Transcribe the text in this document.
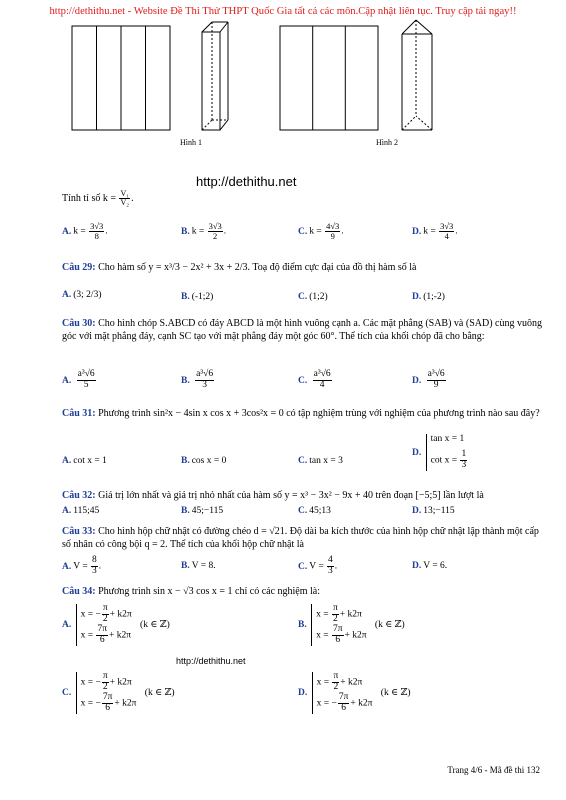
http://dethithu.net - Website Đề Thi Thử THPT Quốc Gia tất cả các môn.Cập nhật liên tục. Truy cập tải ngay!!
Hình 1	Hình 2
http://dethithu.net
Tính tỉ số $k = \frac{\text{V₁}}{\text{V₂}}$ .
A. $k = \frac{3√3}{8}$ .	B. $k = \frac{3√3}{2}$ .	C. $k = \frac{4√3}{9}$ .	D. $k = \frac{3√3}{4}$ .
Câu 29: Cho hàm số y = x³/3 − 2x² + 3x + 2/3. Toạ độ điểm cực đại của đồ thị hàm số là
A. (3; 2/3)	B. (-1;2)	C. (1;2)	D. (1;-2)
Câu 30: Cho hình chóp S.ABCD có đáy ABCD là một hình vuông cạnh a. Các mặt phẳng (SAB) và (SAD) cùng vuông góc với mặt phẳng đáy, cạnh SC tạo với mặt phẳng đáy một góc 60°. Thể tích của khối chóp đã cho bằng:
A. $\frac{\text{a³√6}}{5}$	B. $\frac{\text{a³√6}}{3}$	C. $\frac{\text{a³√6}}{4}$	D. $\frac{\text{a³√6}}{9}$
Câu 31: Phương trình sin²x − 4sin x cos x + 3cos²x = 0 có tập nghiệm trùng với nghiệm của phương trình nào sau đây?
A. cot x = 1	B. cos x = 0	C. tan x = 3
D.
tan x = 1
$\cot x = \frac{1}{3}$
Câu 32: Giá trị lớn nhất và giá trị nhỏ nhất của hàm số y = x³ − 3x² − 9x + 40 trên đoạn [−5;5] lần lượt là
A. 115;45	B. 45;−115	C. 45;13	D. 13;−115
Câu 33: Cho hình hộp chữ nhật có đường chéo d = √21. Độ dài ba kích thước của hình hộp chữ nhật lập thành một cấp số nhân có công bội q = 2. Thể tích của khối hộp chữ nhật là
A. $V = \frac{8}{3}$ .	B. V = 8.	C. $V = \frac{4}{3}$ .	D. V = 6.
Câu 34: Phương trình sin x − √3 cos x = 1 chỉ có các nghiệm là:
A.
x = − $\frac{\pi}{2} + k2\pi$
$x = \frac{7\pi}{6} + k2\pi$
(k ∈ ℤ)	B.
$x = \frac{\pi}{2} + k2\pi$
$x = \frac{7\pi}{6} + k2\pi$
(k ∈ ℤ)
http://dethithu.net
C.
x = − $\frac{\pi}{2} + k2\pi$
x = − $\frac{7\pi}{6} + k2\pi$
(k ∈ ℤ)	D.
$x = \frac{\pi}{2} + k2\pi$
x = − $\frac{7\pi}{6} + k2\pi$
(k ∈ ℤ)
Trang 4/6 - Mã đề thi 132
